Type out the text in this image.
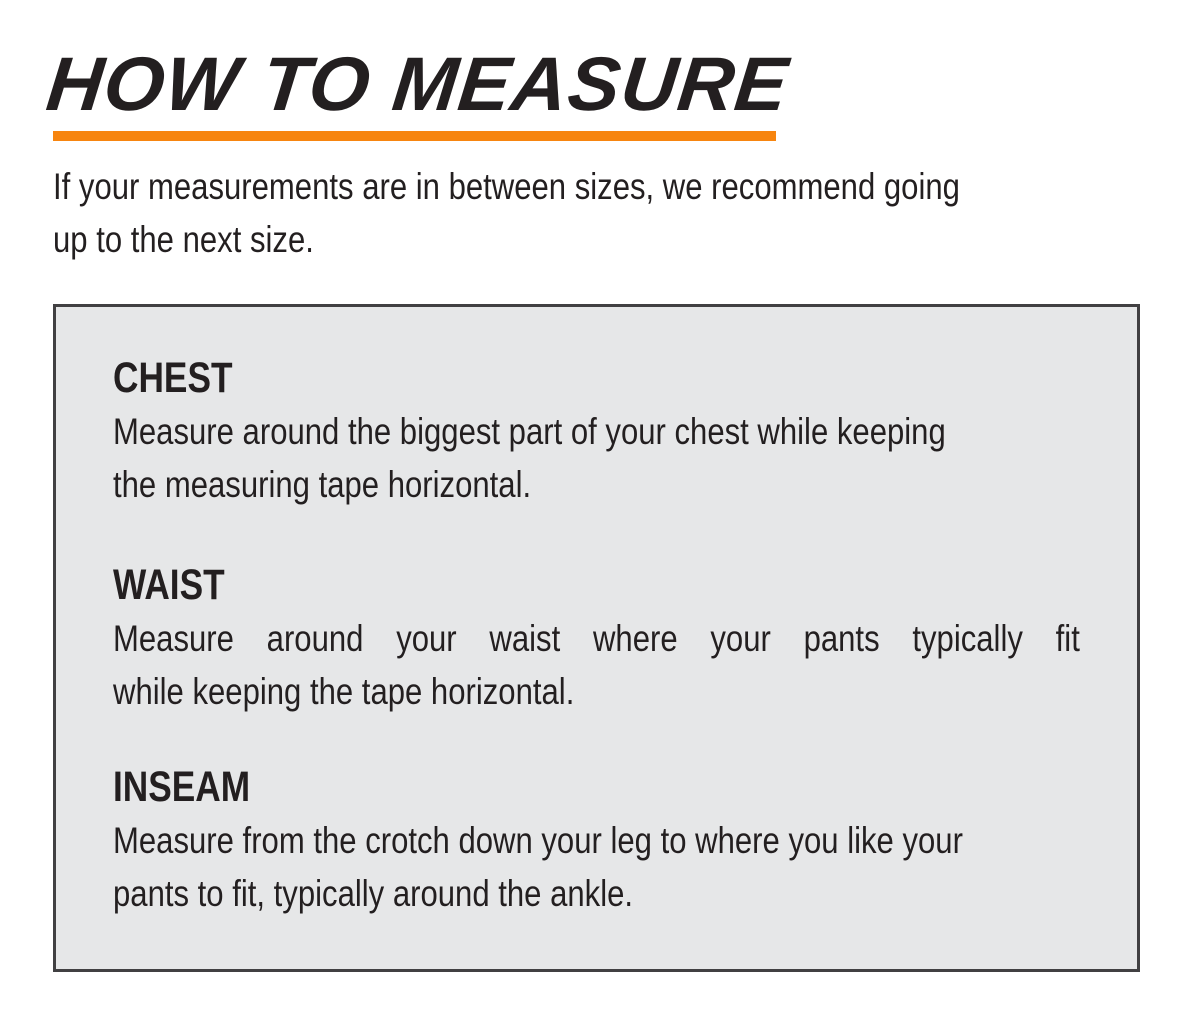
HOW TO MEASURE
If your measurements are in between sizes, we recommend going
up to the next size.
CHEST
Measure around the biggest part of your chest while keeping
the measuring tape horizontal.
WAIST
Measure around your waist where your pants typically fit
while keeping the tape horizontal.
INSEAM
Measure from the crotch down your leg to where you like your
pants to fit, typically around the ankle.
